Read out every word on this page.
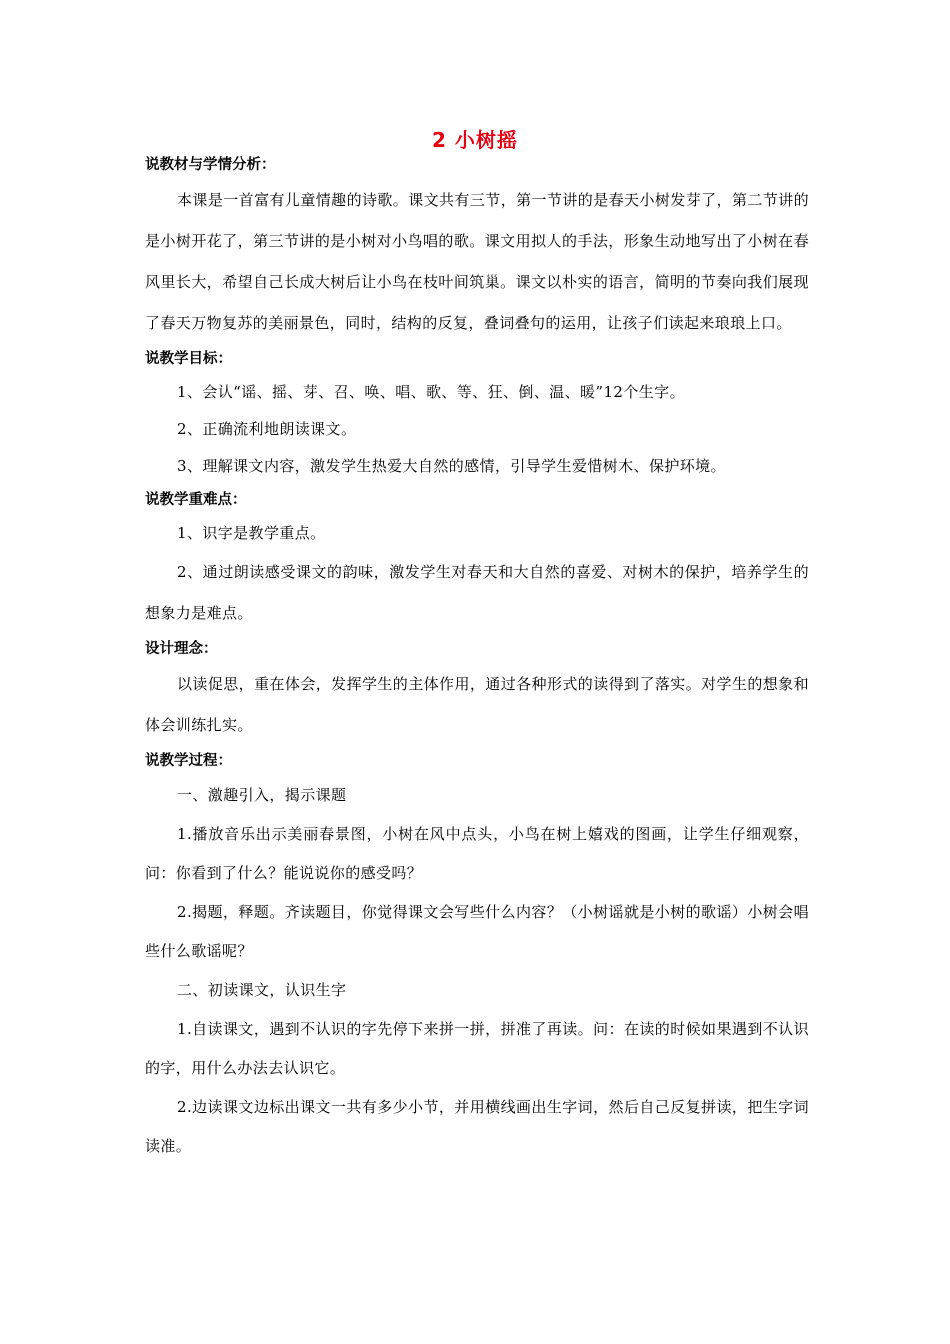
2 小树摇
说教材与学情分析：

本课是一首富有儿童情趣的诗歌。课文共有三节，第一节讲的是春天小树发芽了，第二节讲的是小树开花了，第三节讲的是小树对小鸟唱的歌。课文用拟人的手法，形象生动地写出了小树在春风里长大，希望自己长成大树后让小鸟在枝叶间筑巢。课文以朴实的语言，简明的节奏向我们展现了春天万物复苏的美丽景色，同时，结构的反复，叠词叠句的运用，让孩子们读起来琅琅上口。

说教学目标：

1、会认“谣、摇、芽、召、唤、唱、歌、等、狂、倒、温、暖”12个生字。

2、正确流利地朗读课文。

3、理解课文内容，激发学生热爱大自然的感情，引导学生爱惜树木、保护环境。

说教学重难点：

1、识字是教学重点。

2、通过朗读感受课文的韵味，激发学生对春天和大自然的喜爱、对树木的保护，培养学生的想象力是难点。

设计理念：

以读促思，重在体会，发挥学生的主体作用，通过各种形式的读得到了落实。对学生的想象和体会训练扎实。

说教学过程：

一、激趣引入，揭示课题

1.播放音乐出示美丽春景图，小树在风中点头，小鸟在树上嬉戏的图画，让学生仔细观察，问：你看到了什么？能说说你的感受吗？

2.揭题，释题。齐读题目，你觉得课文会写些什么内容？（小树谣就是小树的歌谣）小树会唱些什么歌谣呢？

二、初读课文，认识生字

1.自读课文，遇到不认识的字先停下来拼一拼，拼准了再读。问：在读的时候如果遇到不认识的字，用什么办法去认识它。

2.边读课文边标出课文一共有多少小节，并用横线画出生字词，然后自己反复拼读，把生字词读准。
